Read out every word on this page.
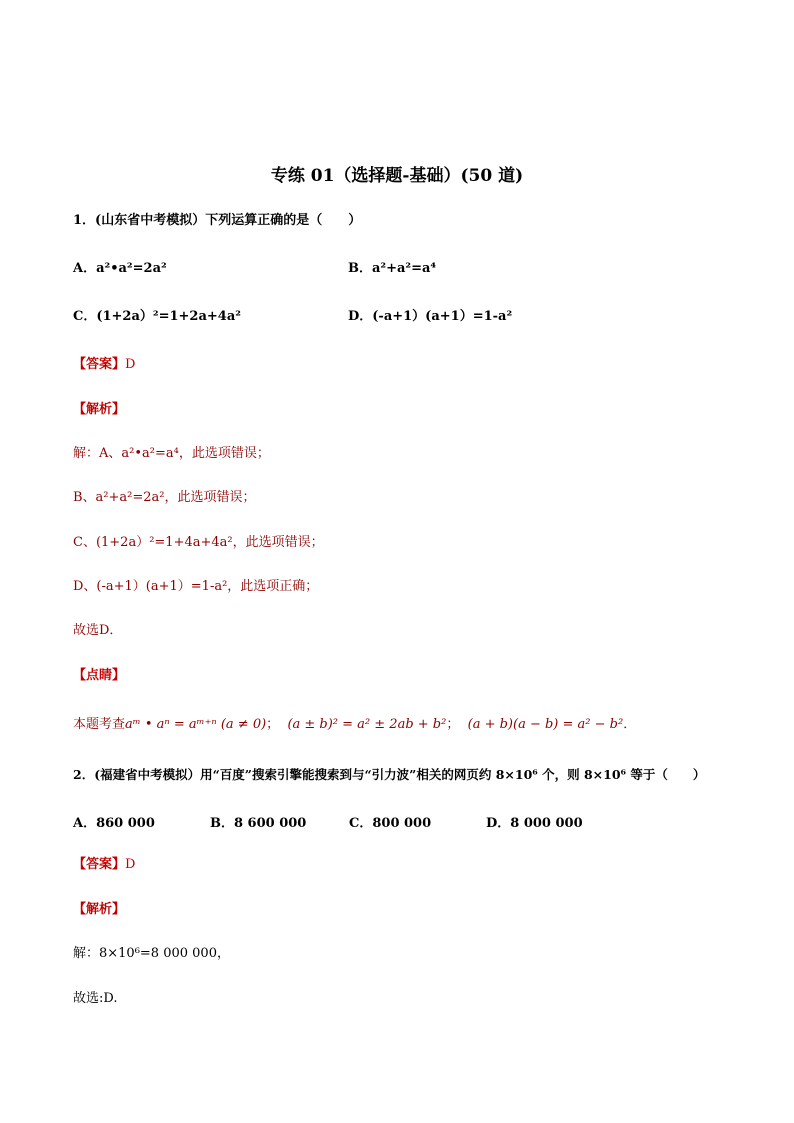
专练 01（选择题-基础）(50 道)
1．(山东省中考模拟）下列运算正确的是（　　）
A．a²•a²=2a²	B．a²+a²=a⁴
C．(1+2a）²=1+2a+4a²	D．(-a+1）(a+1）=1-a²
【答案】D
【解析】
解：A、a²•a²=a⁴，此选项错误；
B、a²+a²=2a²，此选项错误；
C、(1+2a）²=1+4a+4a²，此选项错误；
D、(-a+1）(a+1）=1-a²，此选项正确；
故选D．
【点睛】
本题考查aᵐ • aⁿ = aᵐ⁺ⁿ (a ≠ 0)； (a ± b)² = a² ± 2ab + b²； (a + b)(a − b) = a² − b²．
2．(福建省中考模拟）用“百度”搜索引擎能搜索到与“引力波”相关的网页约 8×10⁶ 个，则 8×10⁶ 等于（　　）
A．860 000	B．8 600 000	C．800 000	D．8 000 000
【答案】D
【解析】
解：8×10⁶=8 000 000，
故选:D.
